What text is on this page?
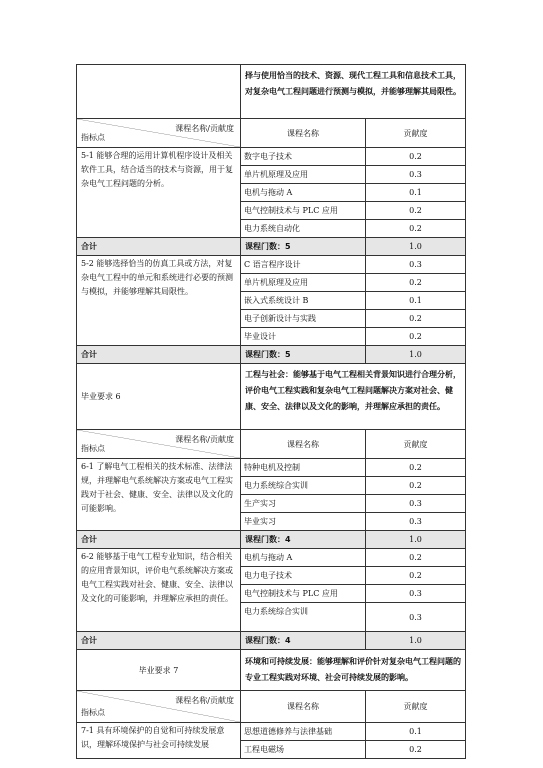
	择与使用恰当的技术、资源、现代工程工具和信息技术工具，对复杂电气工程问题进行预测与模拟，并能够理解其局限性。	

课程名称/贡献度
指标点	课程名称	贡献度
5-1 能够合理的运用计算机程序设计及相关软件工具，结合适当的技术与资源，用于复杂电气工程问题的分析。	数字电子技术	0.2
	单片机原理及应用	0.3
	电机与拖动 A	0.1
	电气控制技术与 PLC 应用	0.2
	电力系统自动化	0.2
合计	课程门数：5	1.0
5-2 能够选择恰当的仿真工具或方法，对复杂电气工程中的单元和系统进行必要的预测与模拟，并能够理解其局限性。	C 语言程序设计	0.3
	单片机原理及应用	0.2
	嵌入式系统设计 B	0.1
	电子创新设计与实践	0.2
	毕业设计	0.2
合计	课程门数：5	1.0
毕业要求 6	工程与社会：能够基于电气工程相关背景知识进行合理分析，评价电气工程实践和复杂电气工程问题解决方案对社会、健康、安全、法律以及文化的影响，并理解应承担的责任。	

课程名称/贡献度
指标点	课程名称	贡献度
6-1 了解电气工程相关的技术标准、法律法规，并理解电气系统解决方案或电气工程实践对于社会、健康、安全、法律以及文化的可能影响。	特种电机及控制	0.2
	电力系统综合实训	0.2
	生产实习	0.3
	毕业实习	0.3
合计	课程门数：4	1.0
6-2 能够基于电气工程专业知识，结合相关的应用背景知识，评价电气系统解决方案或电气工程实践对社会、健康、安全、法律以及文化的可能影响，并理解应承担的责任。	电机与拖动 A	0.2
	电力电子技术	0.2
	电气控制技术与 PLC 应用	0.3
	电力系统综合实训	0.3
合计	课程门数：4	1.0
毕业要求 7	环境和可持续发展：能够理解和评价针对复杂电气工程问题的专业工程实践对环境、社会可持续发展的影响。	

课程名称/贡献度
指标点	课程名称	贡献度
7-1 具有环境保护的自觉和可持续发展意识，理解环境保护与社会可持续发展	思想道德修养与法律基础	0.1
	工程电磁场	0.2
